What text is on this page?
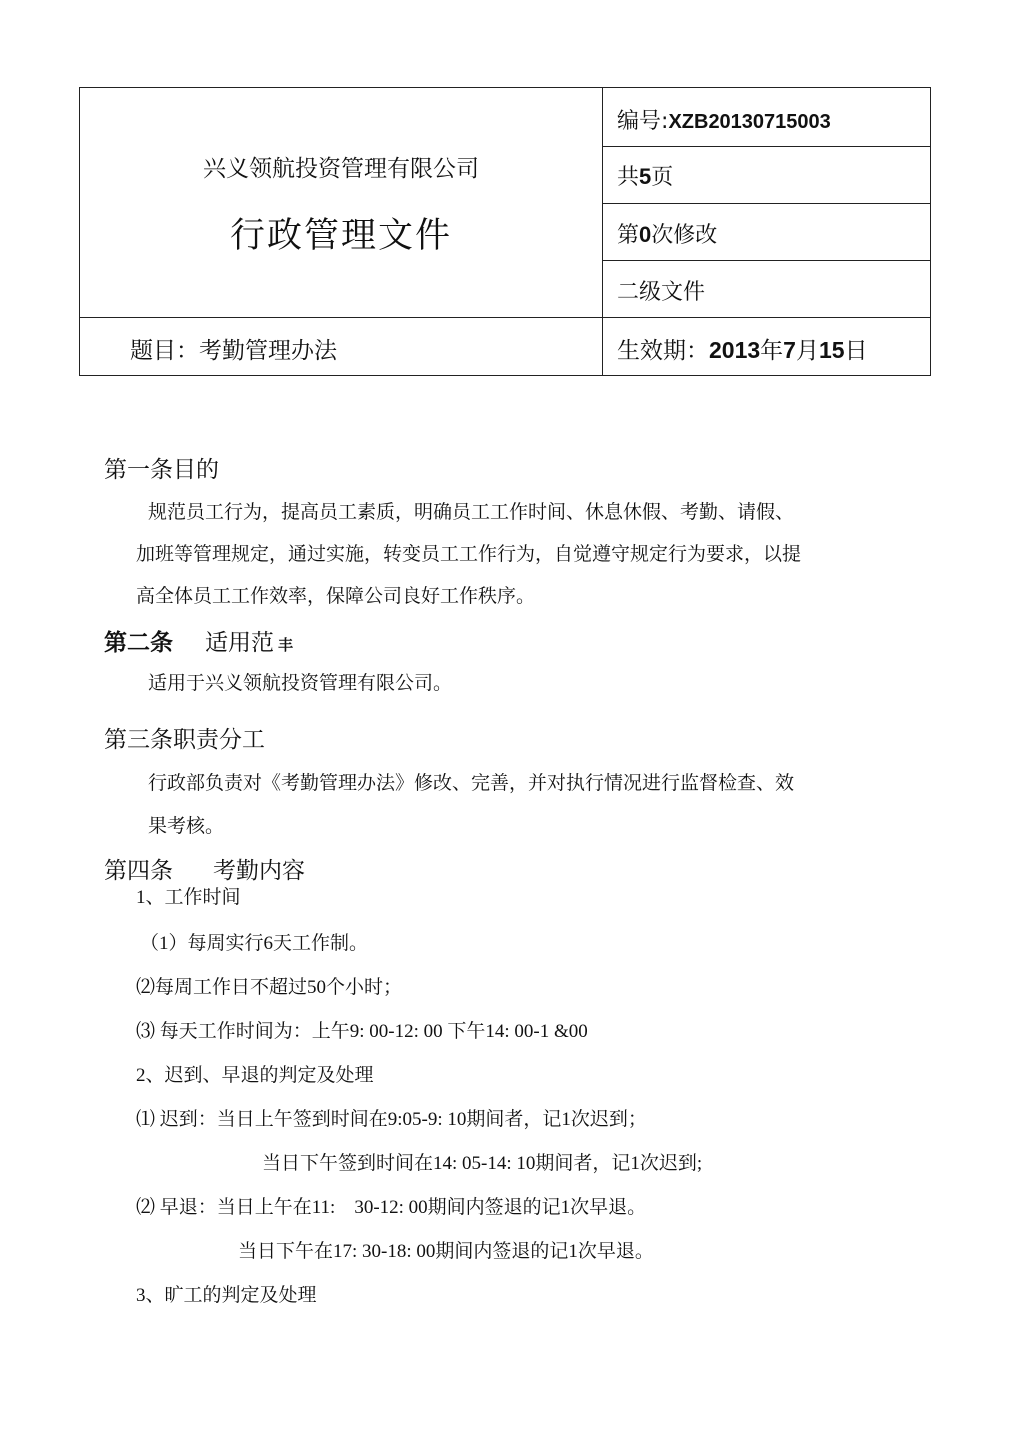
兴义领航投资管理有限公司
行政管理文件
题目：考勤管理办法
编号:XZB20130715003
共5页
第0次修改
二级文件
生效期：2013年7月15日
第一条目的
规范员工行为，提高员工素质，明确员工工作时间、休息休假、考勤、请假、
加班等管理规定，通过实施，转变员工工作行为，自觉遵守规定行为要求，以提
高全体员工工作效率，保障公司良好工作秩序。
第二条 适用范 丰
适用于兴义领航投资管理有限公司。
第三条职责分工
行政部负责对《考勤管理办法》修改、完善，并对执行情况进行监督检查、效
果考核。
第四条 考勤内容
1、工作时间
（1）每周实行6天工作制。
⑵每周工作日不超过50个小时；
⑶ 每天工作时间为：上午9: 00-12: 00 下午14: 00-1 &00
2、迟到、早退的判定及处理
⑴ 迟到：当日上午签到时间在9:05-9: 10期间者，记1次迟到；
当日下午签到时间在14: 05-14: 10期间者，记1次迟到;
⑵ 早退：当日上午在11:　30-12: 00期间内签退的记1次早退。
当日下午在17: 30-18: 00期间内签退的记1次早退。
3、旷工的判定及处理
